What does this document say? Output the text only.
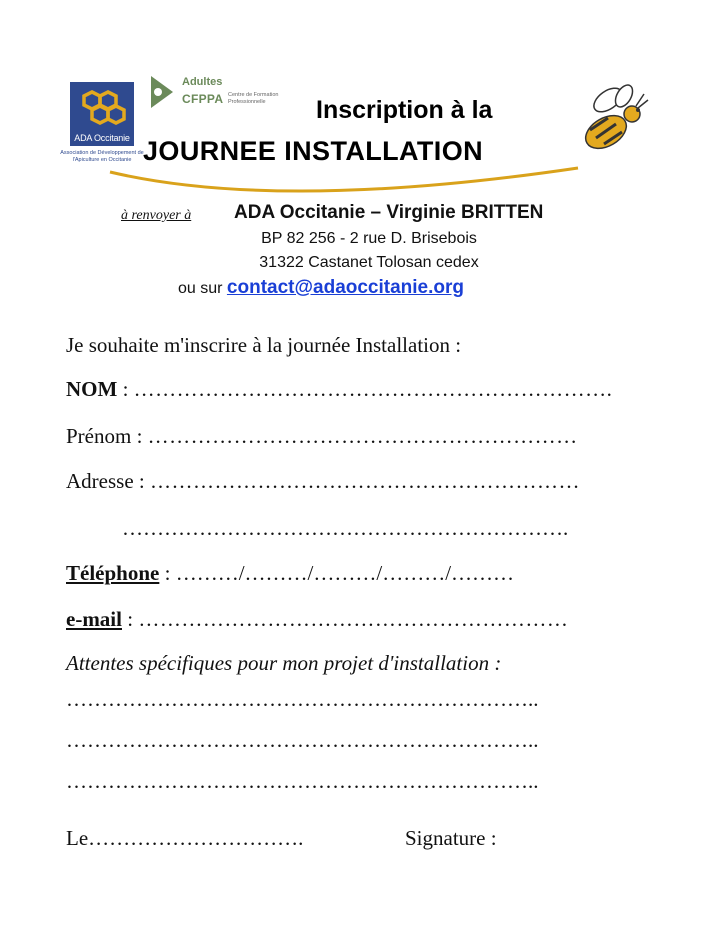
ADA Occitanie
Association de Développement de l'Apiculture en Occitanie
Adultes
CFPPA Centre de Formation Professionnelle	Inscription à la
JOURNEE INSTALLATION
à renvoyer à ADA Occitanie – Virginie BRITTEN
BP 82 256 - 2 rue D. Brisebois
31322 Castanet Tolosan cedex
ou sur contact@adaoccitanie.org
Je souhaite m'inscrire à la journée Installation :
NOM : ………………………………………………………….
Prénom : ……………………………………………………
Adresse : ……………………………………………………
……………………………………………………….
Téléphone : ………/………/………/………/………
e-mail : ……………………………………………………
Attentes spécifiques pour mon projet d'installation :
…………………………………………………………..
…………………………………………………………..
…………………………………………………………..
Le………………………….	Signature :
